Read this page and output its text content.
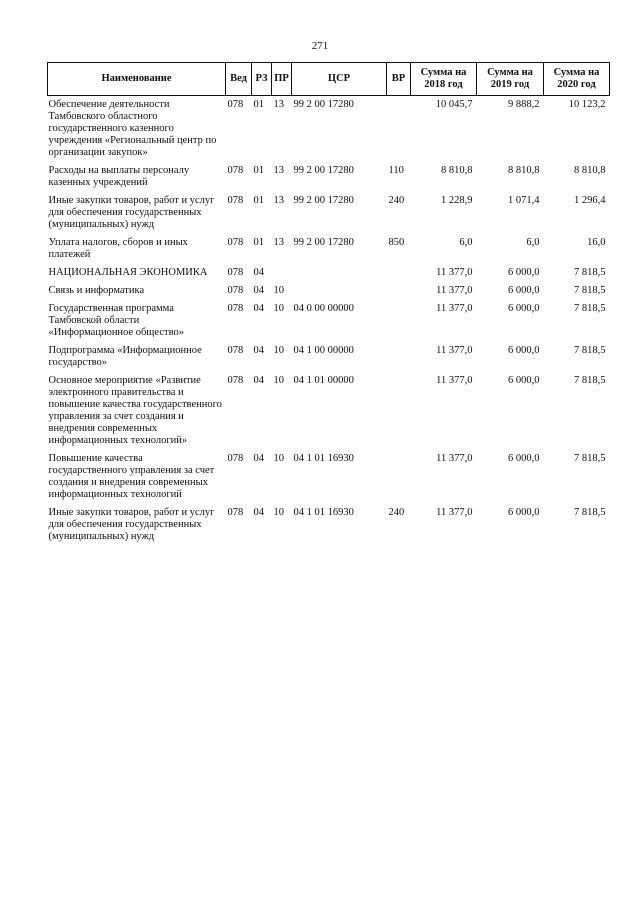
271
Наименование	Вед	РЗ	ПР	ЦСР	ВР	Сумма на 2018 год	Сумма на 2019 год	Сумма на 2020 год
Обеспечение деятельности Тамбовского областного государственного казенного учреждения «Региональный центр по организации закупок»	078	01	13	99 2 00 17280		10 045,7	9 888,2	10 123,2
Расходы на выплаты персоналу казенных учреждений	078	01	13	99 2 00 17280	110	8 810,8	8 810,8	8 810,8
Иные закупки товаров, работ и услуг для обеспечения государственных (муниципальных) нужд	078	01	13	99 2 00 17280	240	1 228,9	1 071,4	1 296,4
Уплата налогов, сборов и иных платежей	078	01	13	99 2 00 17280	850	6,0	6,0	16,0
НАЦИОНАЛЬНАЯ ЭКОНОМИКА	078	04				11 377,0	6 000,0	7 818,5
Связь и информатика	078	04	10			11 377,0	6 000,0	7 818,5
Государственная программа Тамбовской области «Информационное общество»	078	04	10	04 0 00 00000		11 377,0	6 000,0	7 818,5
Подпрограмма «Информационное государство»	078	04	10	04 1 00 00000		11 377,0	6 000,0	7 818,5
Основное мероприятие «Развитие электронного правительства и повышение качества государственного управления за счет создания и внедрения современных информационных технологий»	078	04	10	04 1 01 00000		11 377,0	6 000,0	7 818,5
Повышение качества государственного управления за счет создания и внедрения современных информационных технологий	078	04	10	04 1 01 16930		11 377,0	6 000,0	7 818,5
Иные закупки товаров, работ и услуг для обеспечения государственных (муниципальных) нужд	078	04	10	04 1 01 16930	240	11 377,0	6 000,0	7 818,5
